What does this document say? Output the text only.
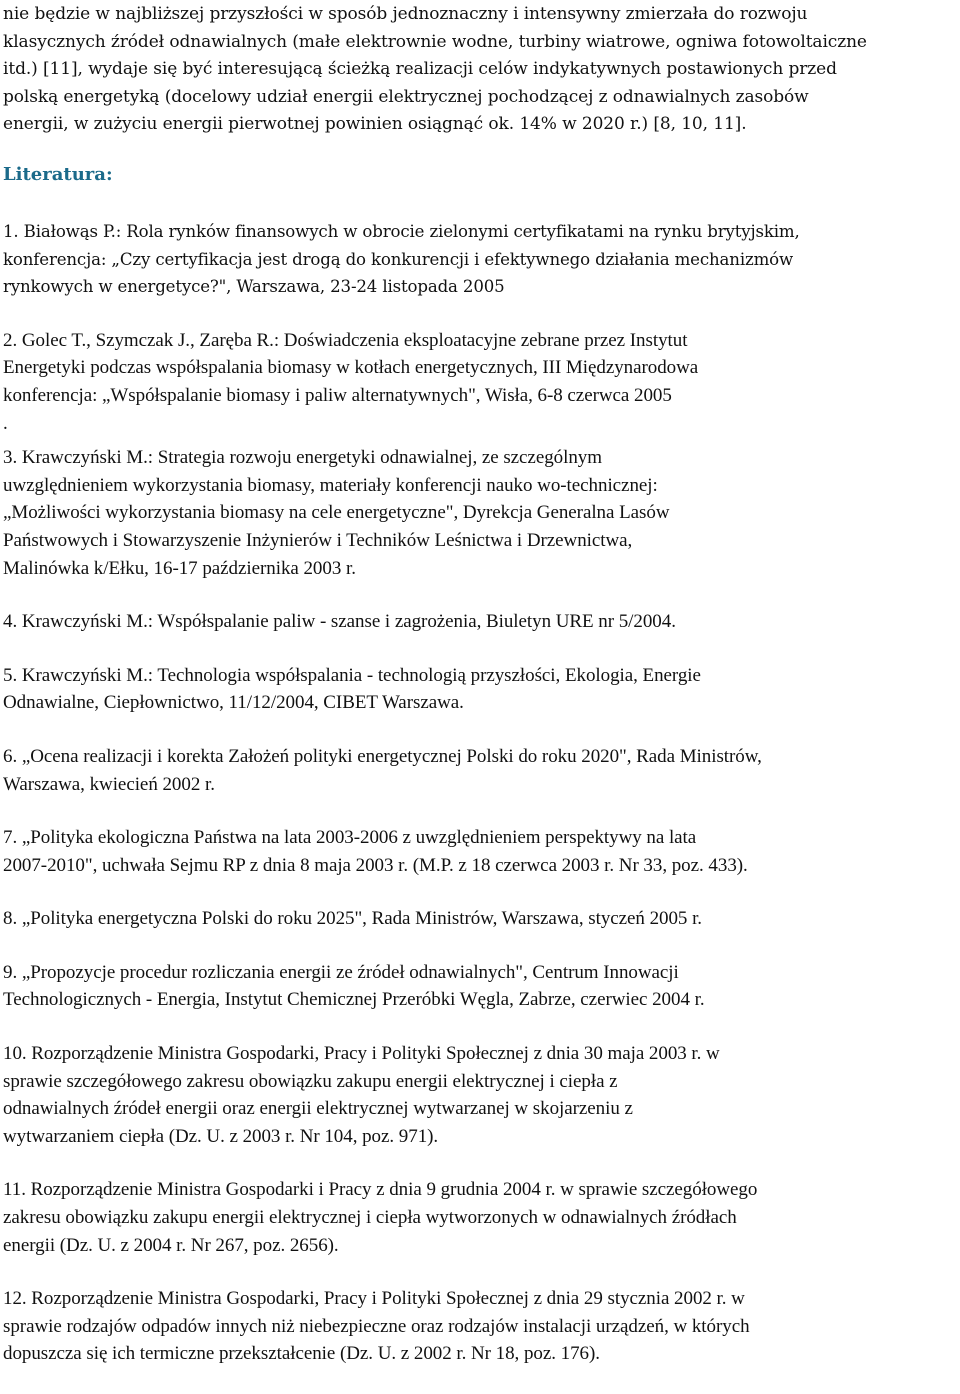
nie będzie w najbliższej przyszłości w sposób jednoznaczny i intensywny zmierzała do rozwoju
klasycznych źródeł odnawialnych (małe elektrownie wodne, turbiny wiatrowe, ogniwa fotowoltaiczne
itd.) [11], wydaje się być interesującą ścieżką realizacji celów indykatywnych postawionych przed
polską energetyką (docelowy udział energii elektrycznej pochodzącej z odnawialnych zasobów
energii, w zużyciu energii pierwotnej powinien osiągnąć ok. 14% w 2020 r.) [8, 10, 11].

Literatura:

1. Białowąs P.: Rola rynków finansowych w obrocie zielonymi certyfikatami na rynku brytyjskim,
konferencja: „Czy certyfikacja jest drogą do konkurencji i efektywnego działania mechanizmów
rynkowych w energetyce?", Warszawa, 23-24 listopada 2005

2. Golec T., Szymczak J., Zaręba R.: Doświadczenia eksploatacyjne zebrane przez Instytut
Energetyki podczas współspalania biomasy w kotłach energetycznych, III Międzynarodowa
konferencja: „Współspalanie biomasy i paliw alternatywnych", Wisła, 6-8 czerwca 2005
.

3. Krawczyński M.: Strategia rozwoju energetyki odnawialnej, ze szczególnym
uwzględnieniem wykorzystania biomasy, materiały konferencji nauko wo-technicznej:
„Możliwości wykorzystania biomasy na cele energetyczne", Dyrekcja Generalna Lasów
Państwowych i Stowarzyszenie Inżynierów i Techników Leśnictwa i Drzewnictwa,
Malinówka k/Ełku, 16-17 października 2003 r.

4. Krawczyński M.: Współspalanie paliw - szanse i zagrożenia, Biuletyn URE nr 5/2004.

5. Krawczyński M.: Technologia współspalania - technologią przyszłości, Ekologia, Energie
Odnawialne, Ciepłownictwo, 11/12/2004, CIBET Warszawa.

6. „Ocena realizacji i korekta Założeń polityki energetycznej Polski do roku 2020", Rada Ministrów,
Warszawa, kwiecień 2002 r.

7. „Polityka ekologiczna Państwa na lata 2003-2006 z uwzględnieniem perspektywy na lata
2007-2010", uchwała Sejmu RP z dnia 8 maja 2003 r. (M.P. z 18 czerwca 2003 r. Nr 33, poz. 433).

8. „Polityka energetyczna Polski do roku 2025", Rada Ministrów, Warszawa, styczeń 2005 r.

9. „Propozycje procedur rozliczania energii ze źródeł odnawialnych", Centrum Innowacji
Technologicznych - Energia, Instytut Chemicznej Przeróbki Węgla, Zabrze, czerwiec 2004 r.

10. Rozporządzenie Ministra Gospodarki, Pracy i Polityki Społecznej z dnia 30 maja 2003 r. w
sprawie szczegółowego zakresu obowiązku zakupu energii elektrycznej i ciepła z
odnawialnych źródeł energii oraz energii elektrycznej wytwarzanej w skojarzeniu z
wytwarzaniem ciepła (Dz. U. z 2003 r. Nr 104, poz. 971).

11. Rozporządzenie Ministra Gospodarki i Pracy z dnia 9 grudnia 2004 r. w sprawie szczegółowego
zakresu obowiązku zakupu energii elektrycznej i ciepła wytworzonych w odnawialnych źródłach
energii (Dz. U. z 2004 r. Nr 267, poz. 2656).

12. Rozporządzenie Ministra Gospodarki, Pracy i Polityki Społecznej z dnia 29 stycznia 2002 r. w
sprawie rodzajów odpadów innych niż niebezpieczne oraz rodzajów instalacji urządzeń, w których
dopuszcza się ich termiczne przekształcenie (Dz. U. z 2002 r. Nr 18, poz. 176).
